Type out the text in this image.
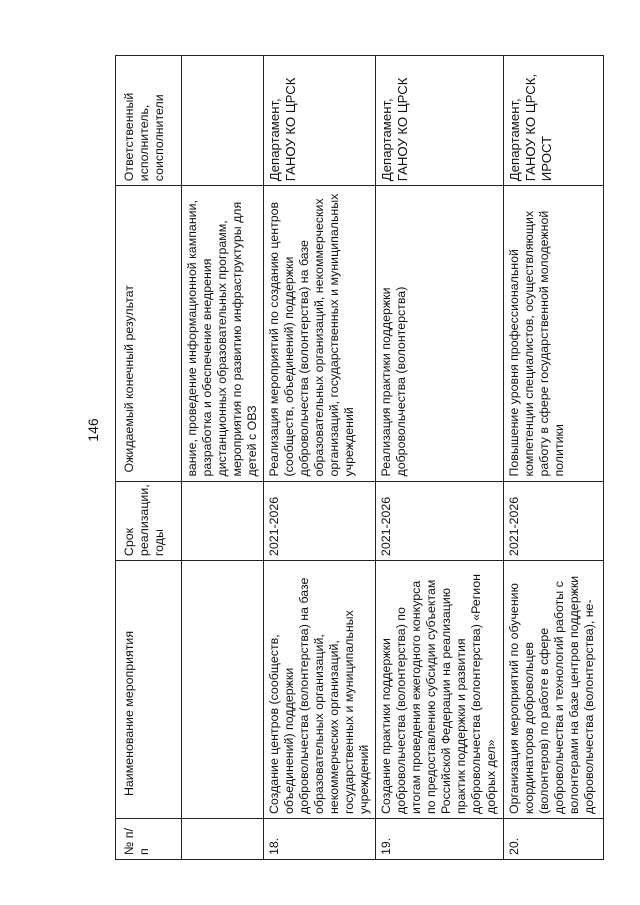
146
№ п/п	Наименование мероприятия	Срок реализации, годы	Ожидаемый конечный результат	Ответственный исполнитель, соисполнители
			вание, проведение информационной кампании, разработка и обеспечение внедрения дистанционных образовательных программ, мероприятия по развитию инфраструктуры для детей с ОВЗ	
18.	Создание центров (сообществ, объединений) поддержки добровольчества (волонтерства) на базе образовательных организаций, некоммерческих организаций, государственных и муниципальных учреждений	2021-2026	Реализация мероприятий по созданию центров (сообществ, объединений) поддержки добровольчества (волонтерства) на базе образовательных организаций, некоммерческих организаций, государственных и муниципальных учреждений	Департамент, ГАНОУ КО ЦРСК
19.	Создание практики поддержки добровольчества (волонтерства) по итогам проведения ежегодного конкурса по предоставлению субсидии субъектам Российской Федерации на реализацию практик поддержки и развития добровольчества (волонтерства) «Регион добрых дел»	2021-2026	Реализация практики поддержки добровольчества (волонтерства)	Департамент, ГАНОУ КО ЦРСК
20.	Организация мероприятий по обучению координаторов добровольцев (волонтеров) по работе в сфере добровольчества и технологий работы с волонтерами на базе центров поддержки добровольчества (волонтерства), не-	2021-2026	Повышение уровня профессиональной компетенции специалистов, осуществляющих работу в сфере государственной молодежной политики	Департамент, ГАНОУ КО ЦРСК, ИРОСТ
